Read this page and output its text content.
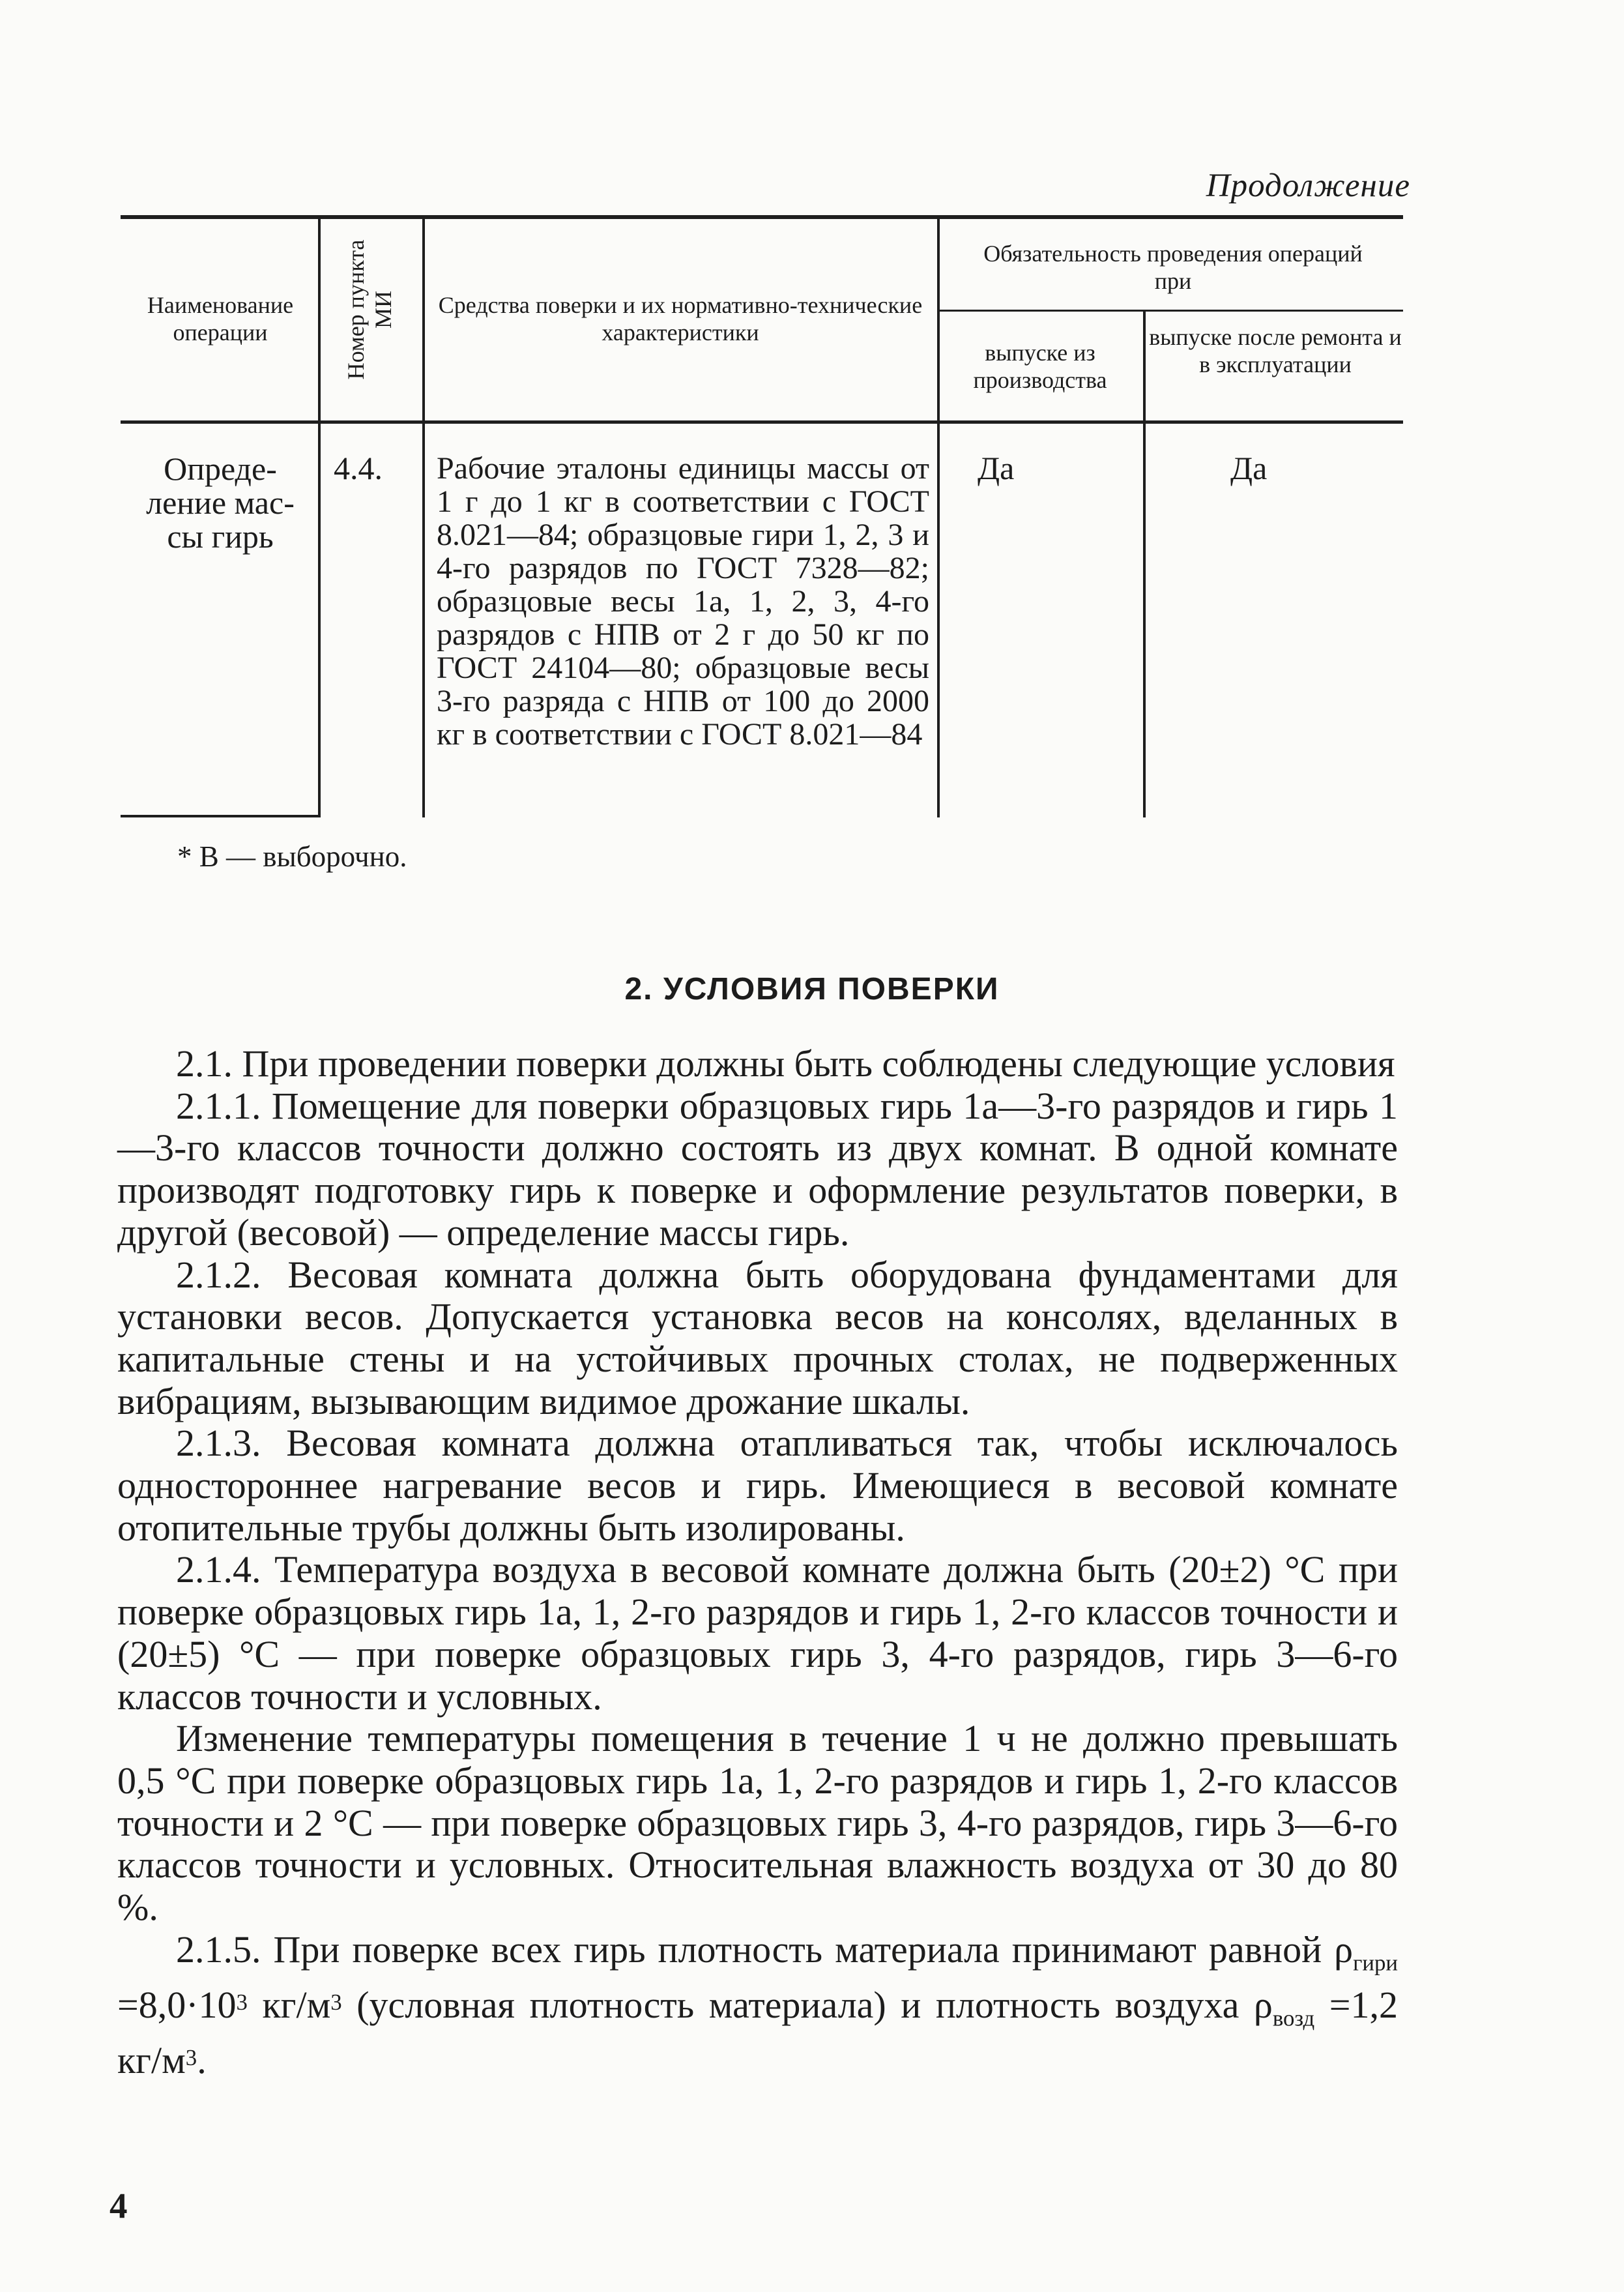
Продолжение
Наименование операции	Номер пункта МИ Средства поверки и их нормативно-технические характеристики
Обязательность проведения операций при
выпуске из производства
выпуске после ремонта и в эксплуатации
Опреде-
ление мас-
сы гирь
4.4. Рабочие эталоны единицы массы от 1 г до 1 кг в соответствии с ГОСТ 8.021—84; образцовые гири 1, 2, 3 и 4-го разрядов по ГОСТ 7328—82; образцовые весы 1а, 1, 2, 3, 4-го разрядов с НПВ от 2 г до 50 кг по ГОСТ 24104—80; образцовые весы 3-го разряда с НПВ от 100 до 2000 кг в соответствии с ГОСТ 8.021—84
Да	Да
* В — выборочно.
2. УСЛОВИЯ ПОВЕРКИ

2.1. При проведении поверки должны быть соблюдены следующие условия

2.1.1. Помещение для поверки образцовых гирь 1а—3-го разрядов и гирь 1—3-го классов точности должно состоять из двух комнат. В одной комнате производят подготовку гирь к поверке и оформление результатов поверки, в другой (весовой) — определение массы гирь.

2.1.2. Весовая комната должна быть оборудована фундаментами для установки весов. Допускается установка весов на консолях, вделанных в капитальные стены и на устойчивых прочных столах, не подверженных вибрациям, вызывающим видимое дрожание шкалы.

2.1.3. Весовая комната должна отапливаться так, чтобы исключалось одностороннее нагревание весов и гирь. Имеющиеся в весовой комнате отопительные трубы должны быть изолированы.

2.1.4. Температура воздуха в весовой комнате должна быть (20±2) °С при поверке образцовых гирь 1а, 1, 2-го разрядов и гирь 1, 2-го классов точности и (20±5) °С — при поверке образцовых гирь 3, 4-го разрядов, гирь 3—6-го классов точности и условных.

Изменение температуры помещения в течение 1 ч не должно превышать 0,5 °С при поверке образцовых гирь 1а, 1, 2-го разрядов и гирь 1, 2-го классов точности и 2 °С — при поверке образцовых гирь 3, 4-го разрядов, гирь 3—6-го классов точности и условных. Относительная влажность воздуха от 30 до 80 %.

2.1.5. При поверке всех гирь плотность материала принимают равной $\rho_{гири} =8,0\cdot 10^3$ $кг/м^3$ (условная плотность материала) и плотность воздуха $\rho_{возд} =1,2$ $кг/м^3$.

4
